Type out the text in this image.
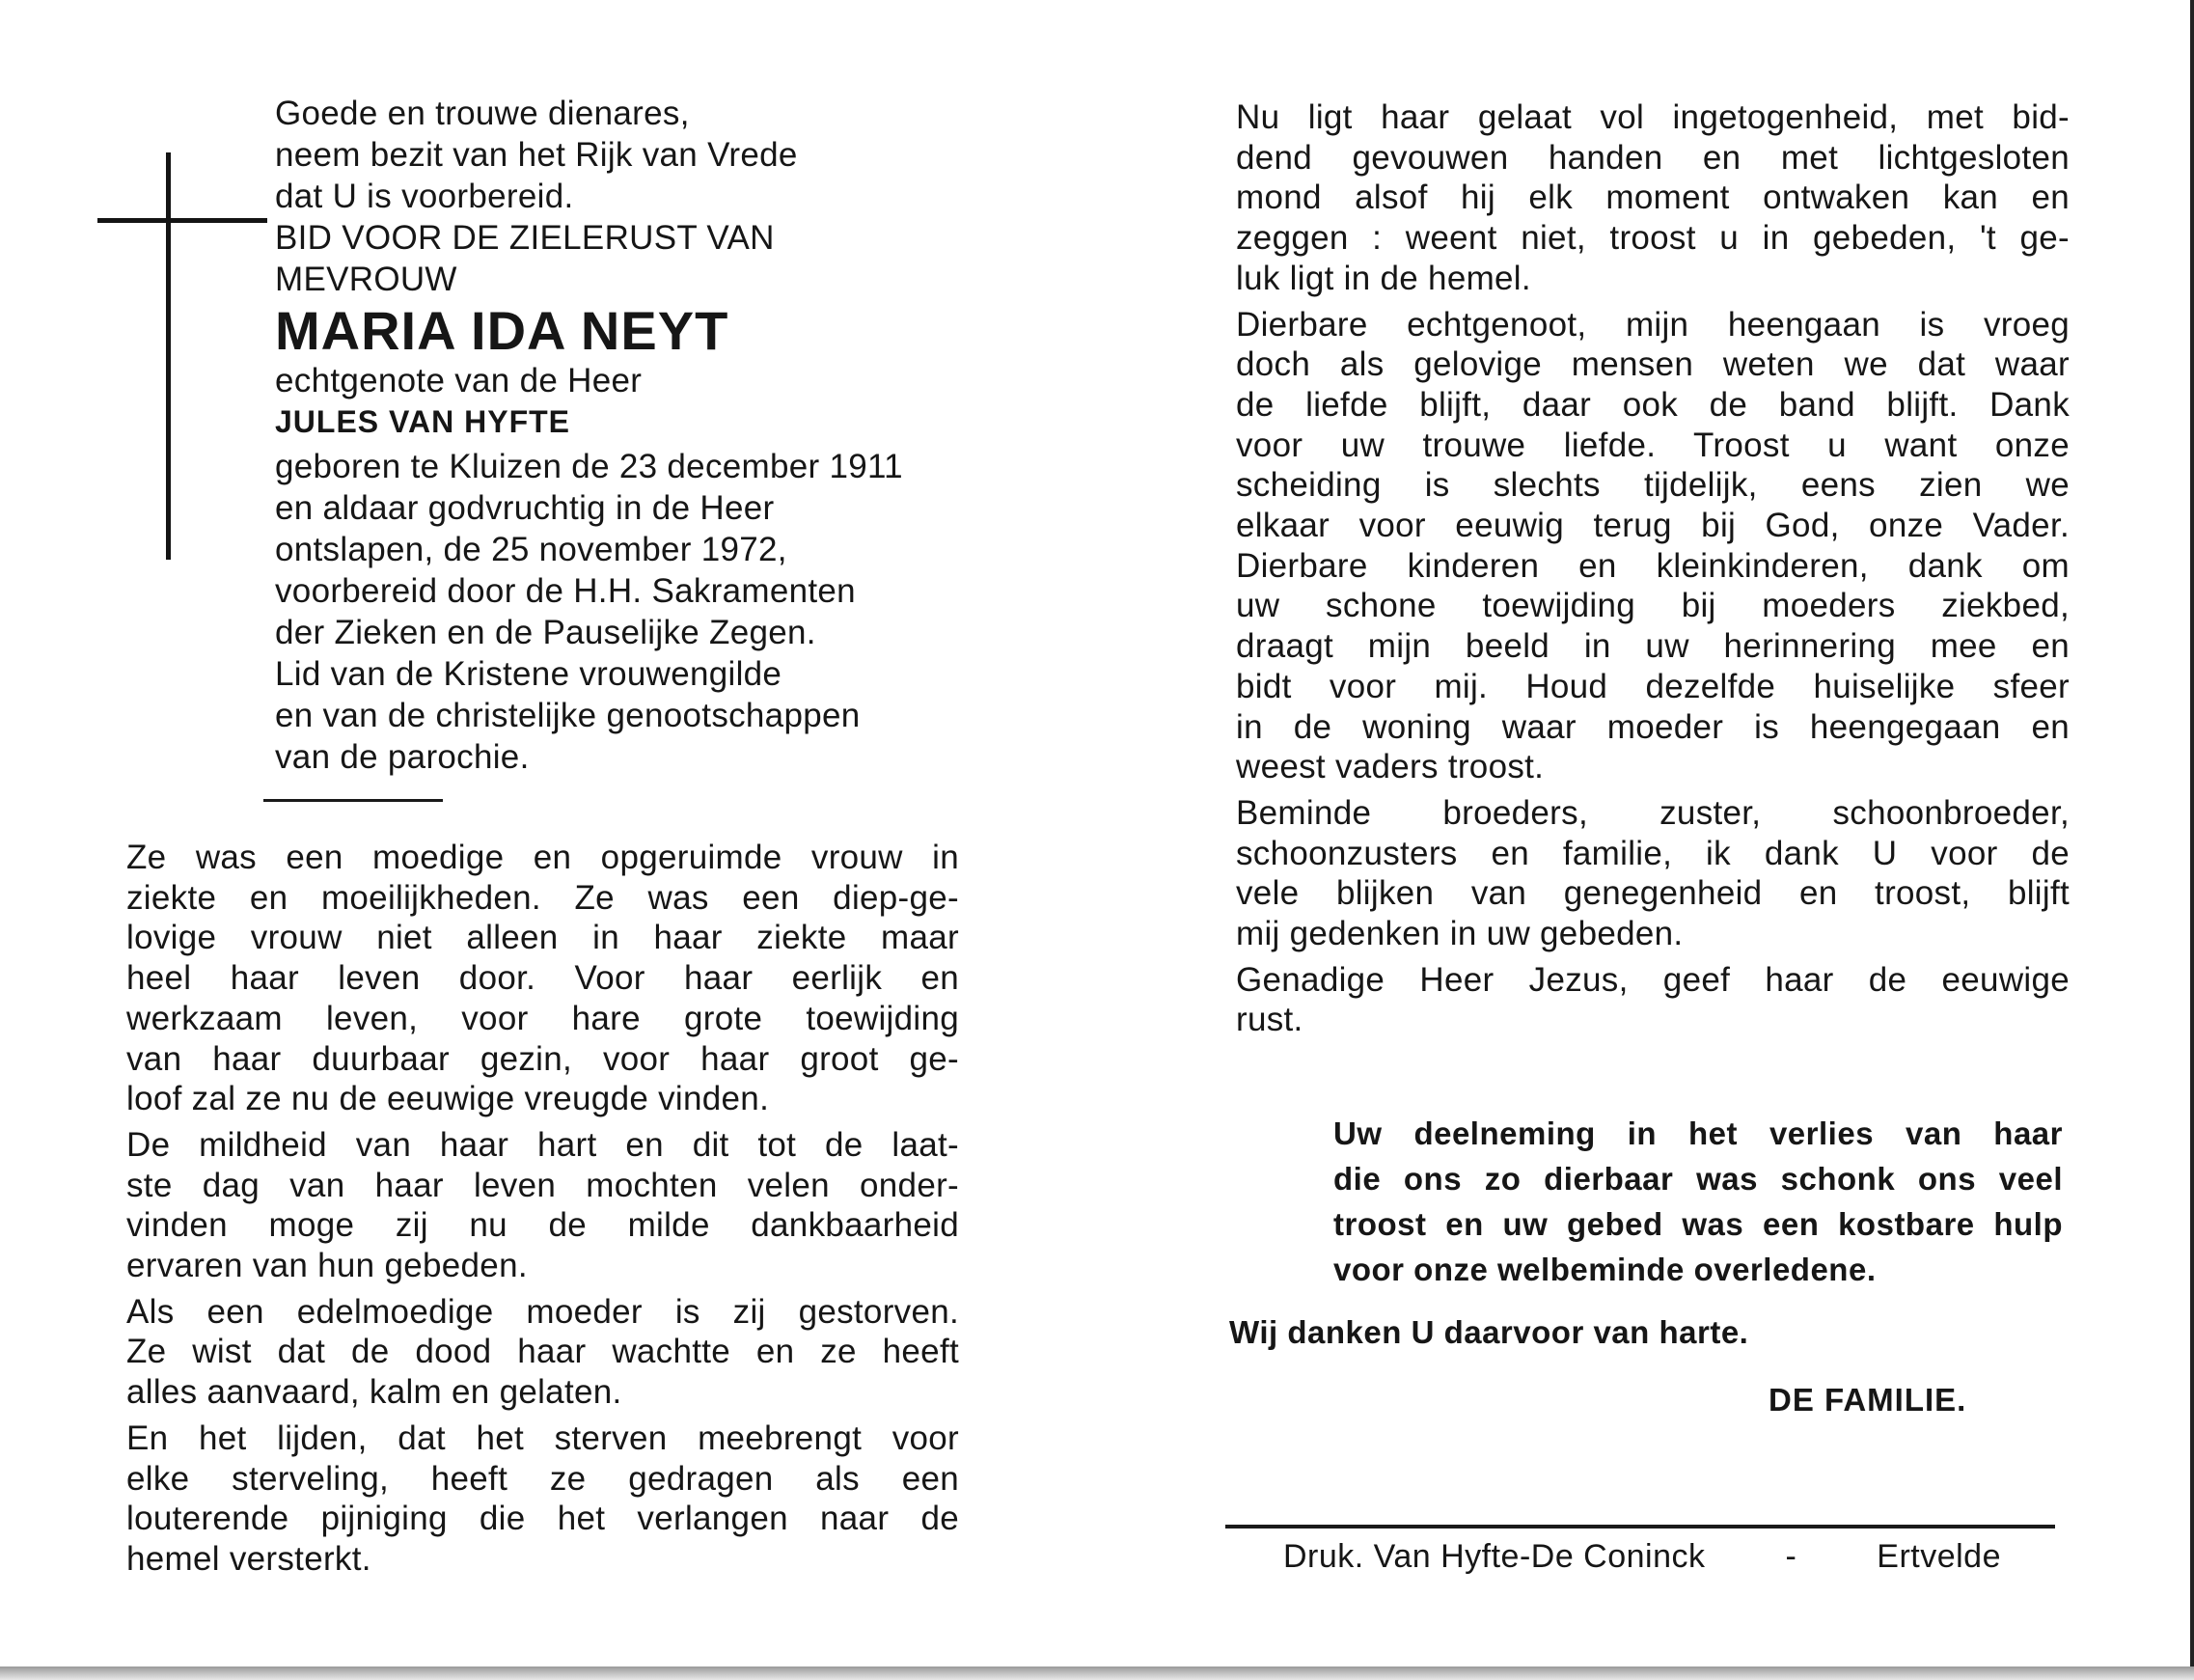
Goede en trouwe dienares,
neem bezit van het Rijk van Vrede
dat U is voorbereid.
BID VOOR DE ZIELERUST VAN
MEVROUW
MARIA IDA NEYT
echtgenote van de Heer
JULES VAN HYFTE
geboren te Kluizen de 23 december 1911
en aldaar godvruchtig in de Heer
ontslapen, de 25 november 1972,
voorbereid door de H.H. Sakramenten
der Zieken en de Pauselijke Zegen.
Lid van de Kristene vrouwengilde
en van de christelijke genootschappen
van de parochie.
Ze was een moedige en opgeruimde vrouw in
ziekte en moeilijkheden. Ze was een diep-ge-
lovige vrouw niet alleen in haar ziekte maar
heel haar leven door. Voor haar eerlijk en
werkzaam leven, voor hare grote toewijding
van haar duurbaar gezin, voor haar groot ge-
loof zal ze nu de eeuwige vreugde vinden.
De mildheid van haar hart en dit tot de laat-
ste dag van haar leven mochten velen onder-
vinden moge zij nu de milde dankbaarheid
ervaren van hun gebeden.
Als een edelmoedige moeder is zij gestorven.
Ze wist dat de dood haar wachtte en ze heeft
alles aanvaard, kalm en gelaten.
En het lijden, dat het sterven meebrengt voor
elke sterveling, heeft ze gedragen als een
louterende pijniging die het verlangen naar de
hemel versterkt.
Nu ligt haar gelaat vol ingetogenheid, met bid-
dend gevouwen handen en met lichtgesloten
mond alsof hij elk moment ontwaken kan en
zeggen : weent niet, troost u in gebeden, 't ge-
luk ligt in de hemel.
Dierbare echtgenoot, mijn heengaan is vroeg
doch als gelovige mensen weten we dat waar
de liefde blijft, daar ook de band blijft. Dank
voor uw trouwe liefde. Troost u want onze
scheiding is slechts tijdelijk, eens zien we
elkaar voor eeuwig terug bij God, onze Vader.
Dierbare kinderen en kleinkinderen, dank om
uw schone toewijding bij moeders ziekbed,
draagt mijn beeld in uw herinnering mee en
bidt voor mij. Houd dezelfde huiselijke sfeer
in de woning waar moeder is heengegaan en
weest vaders troost.
Beminde broeders, zuster, schoonbroeder,
schoonzusters en familie, ik dank U voor de
vele blijken van genegenheid en troost, blijft
mij gedenken in uw gebeden.
Genadige Heer Jezus, geef haar de eeuwige
rust.
Uw deelneming in het verlies van haar
die ons zo dierbaar was schonk ons veel
troost en uw gebed was een kostbare hulp
voor onze welbeminde overledene.
Wij danken U daarvoor van harte.
DE FAMILIE.
Druk. Van Hyfte-De Coninck - Ertvelde
